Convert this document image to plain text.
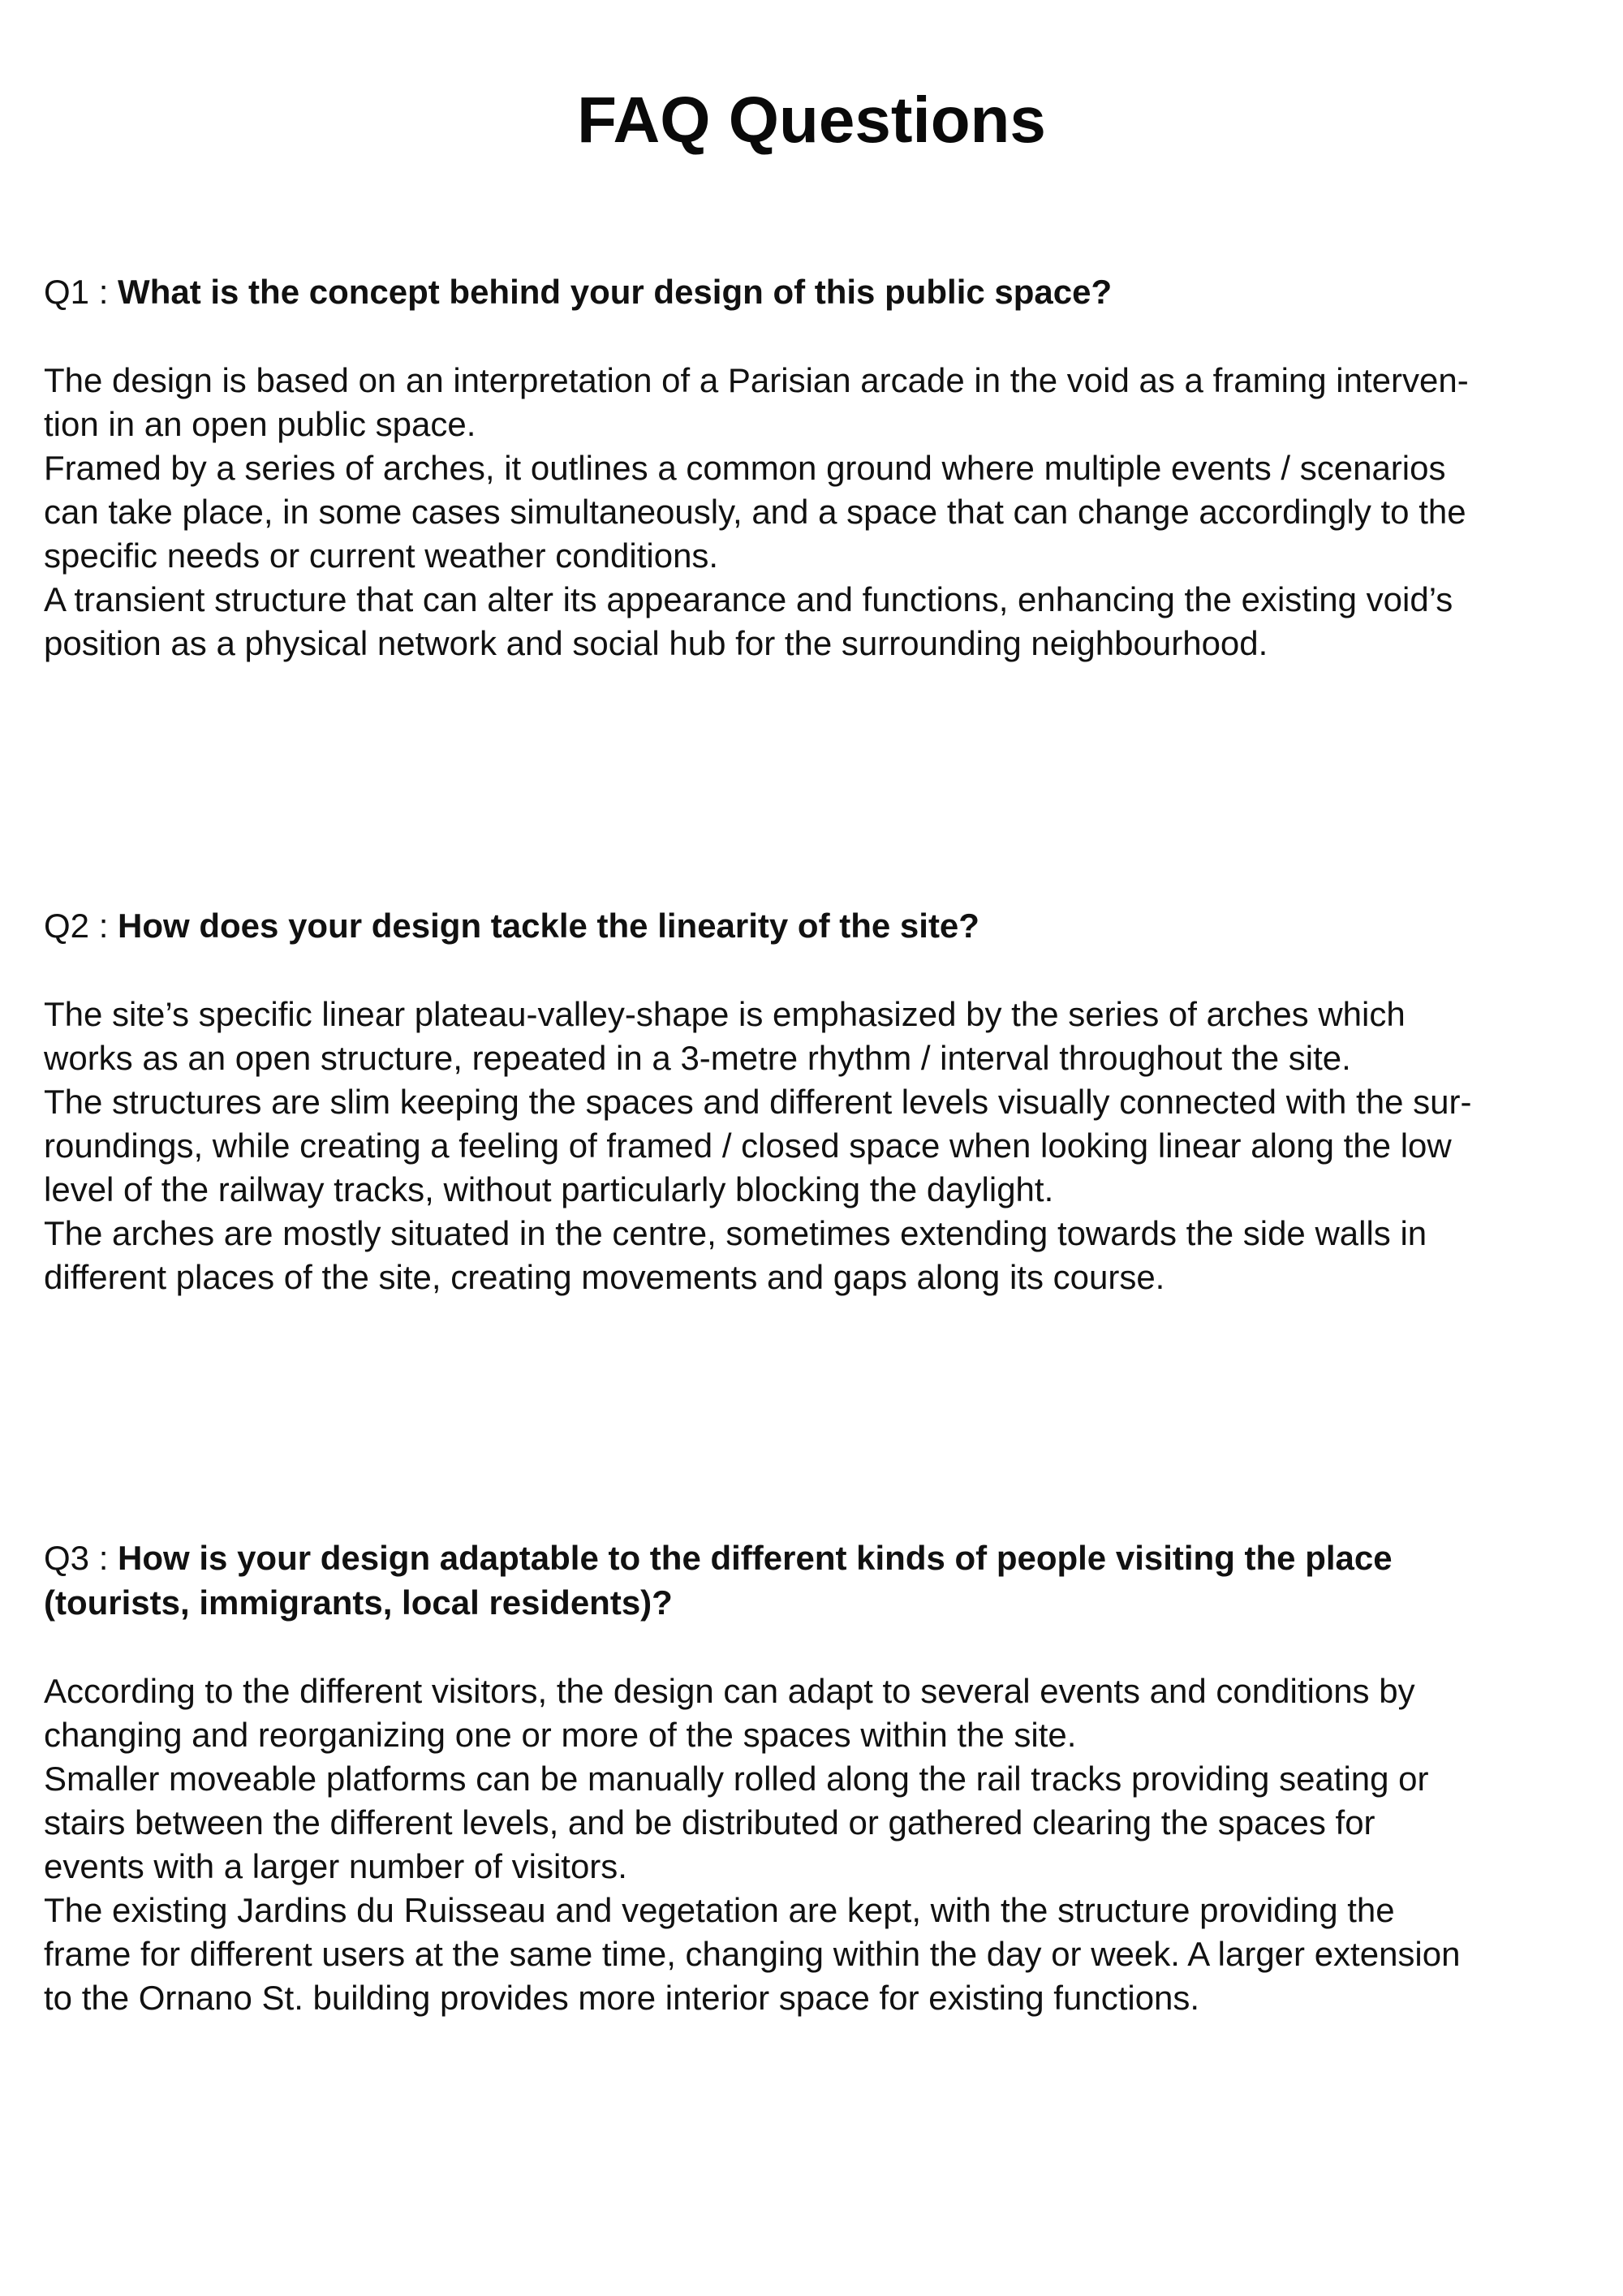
FAQ Questions
Q1 : What is the concept behind your design of this public space?

The design is based on an interpretation of a Parisian arcade in the void as a framing interven-

tion in an open public space.

Framed by a series of arches, it outlines a common ground where multiple events / scenarios

can take place, in some cases simultaneously, and a space that can change accordingly to the

specific needs or current weather conditions.

A transient structure that can alter its appearance and functions, enhancing the existing void’s

position as a physical network and social hub for the surrounding neighbourhood.

Q2 : How does your design tackle the linearity of the site?

The site’s specific linear plateau-valley-shape is emphasized by the series of arches which

works as an open structure, repeated in a 3-metre rhythm / interval throughout the site.

The structures are slim keeping the spaces and different levels visually connected with the sur-

roundings, while creating a feeling of framed / closed space when looking linear along the low

level of the railway tracks, without particularly blocking the daylight.

The arches are mostly situated in the centre, sometimes extending towards the side walls in

different places of the site, creating movements and gaps along its course.

Q3 : How is your design adaptable to the different kinds of people visiting the place
(tourists, immigrants, local residents)?

According to the different visitors, the design can adapt to several events and conditions by

changing and reorganizing one or more of the spaces within the site.

Smaller moveable platforms can be manually rolled along the rail tracks providing seating or

stairs between the different levels, and be distributed or gathered clearing the spaces for

events with a larger number of visitors.

The existing Jardins du Ruisseau and vegetation are kept, with the structure providing the

frame for different users at the same time, changing within the day or week. A larger extension

to the Ornano St. building provides more interior space for existing functions.
